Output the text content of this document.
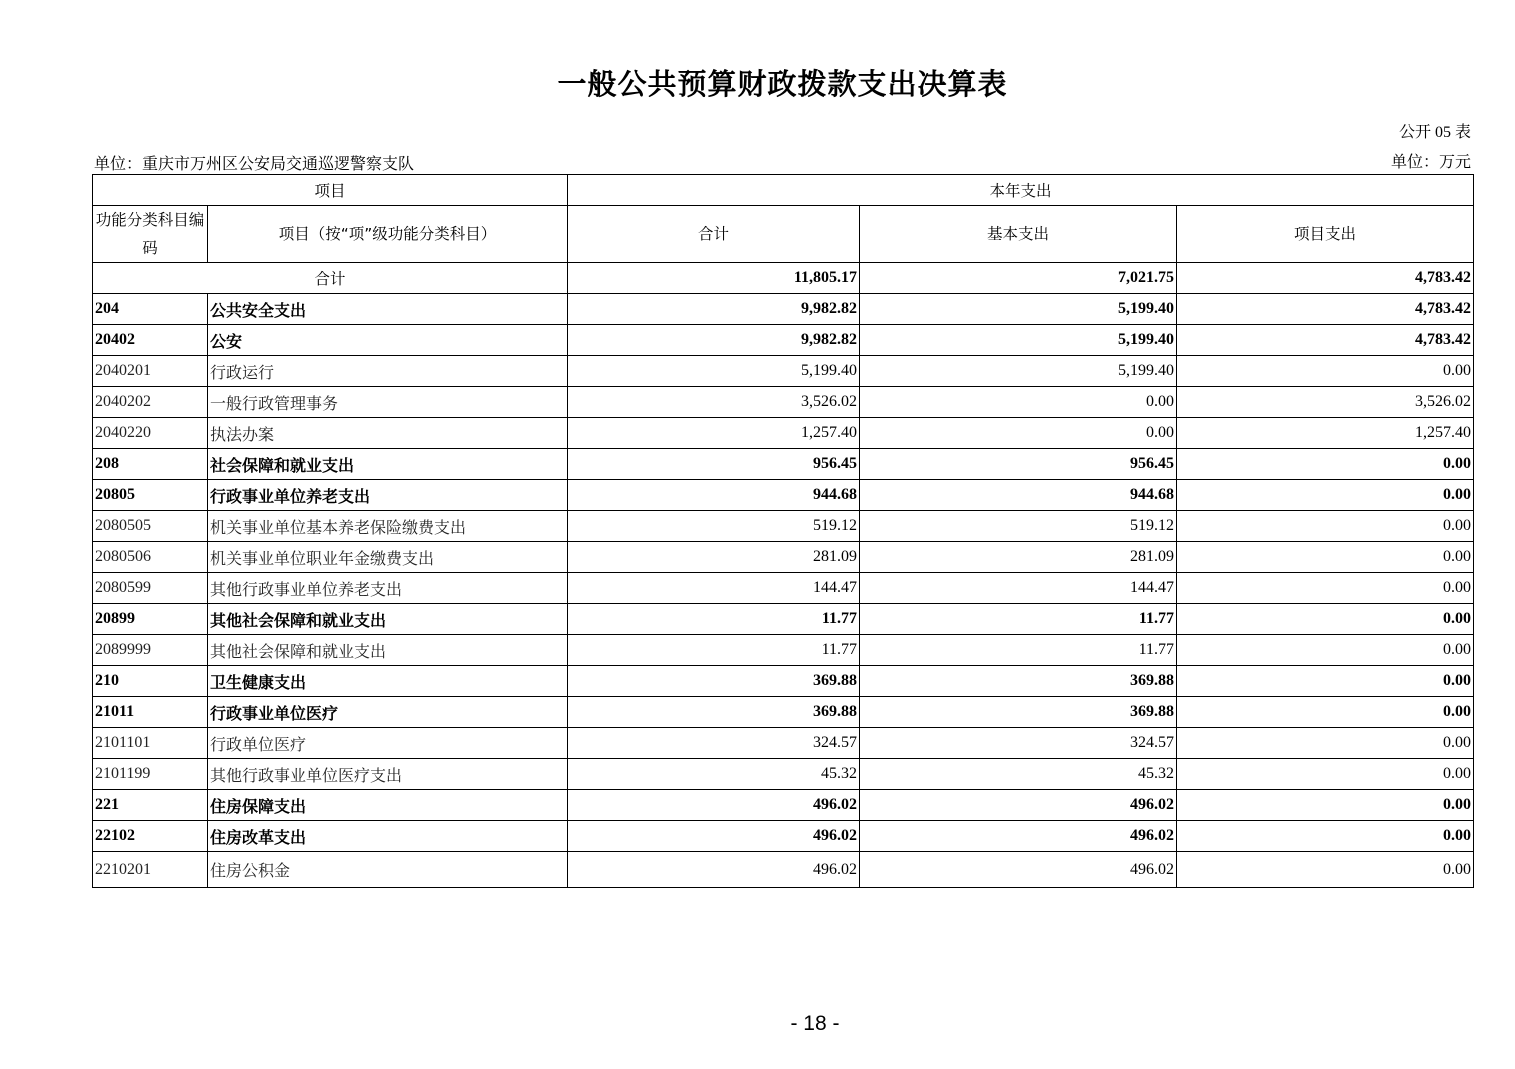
一般公共预算财政拨款支出决算表
公开 05 表
单位：重庆市万州区公安局交通巡逻警察支队	单位：万元
项目		本年支出		
功能分类科目编码	项目（按“项”级功能分类科目）	合计	基本支出	项目支出
合计		11,805.17	7,021.75	4,783.42
204	公共安全支出	9,982.82	5,199.40	4,783.42
20402	公安	9,982.82	5,199.40	4,783.42
2040201	行政运行	5,199.40	5,199.40	0.00
2040202	一般行政管理事务	3,526.02	0.00	3,526.02
2040220	执法办案	1,257.40	0.00	1,257.40
208	社会保障和就业支出	956.45	956.45	0.00
20805	行政事业单位养老支出	944.68	944.68	0.00
2080505	机关事业单位基本养老保险缴费支出	519.12	519.12	0.00
2080506	机关事业单位职业年金缴费支出	281.09	281.09	0.00
2080599	其他行政事业单位养老支出	144.47	144.47	0.00
20899	其他社会保障和就业支出	11.77	11.77	0.00
2089999	其他社会保障和就业支出	11.77	11.77	0.00
210	卫生健康支出	369.88	369.88	0.00
21011	行政事业单位医疗	369.88	369.88	0.00
2101101	行政单位医疗	324.57	324.57	0.00
2101199	其他行政事业单位医疗支出	45.32	45.32	0.00
221	住房保障支出	496.02	496.02	0.00
22102	住房改革支出	496.02	496.02	0.00
2210201	住房公积金	496.02	496.02	0.00
- 18 -
